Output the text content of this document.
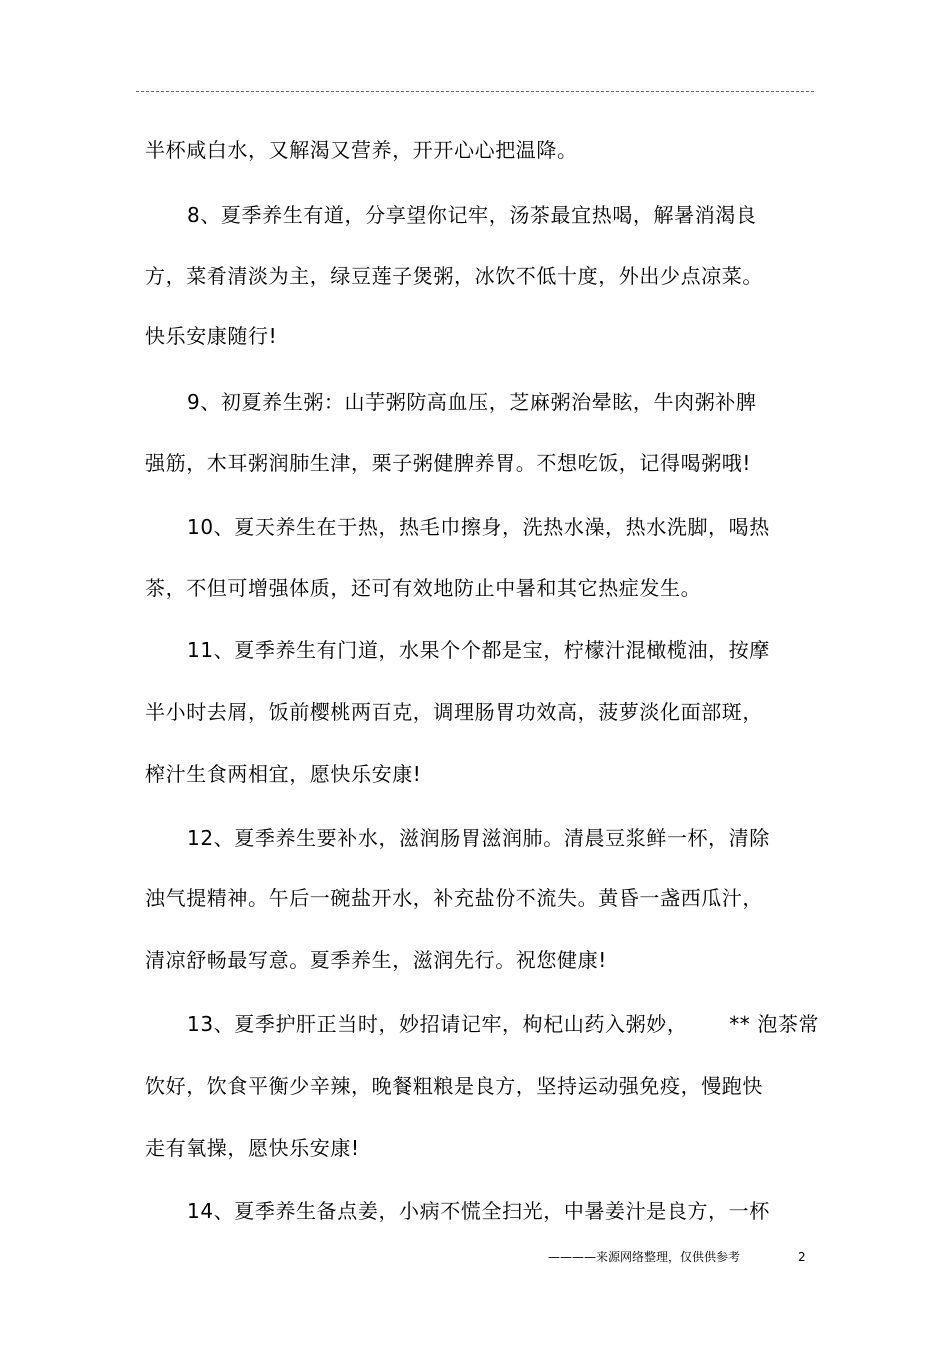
半杯咸白水，又解渴又营养，开开心心把温降。
8、夏季养生有道，分享望你记牢，汤茶最宜热喝，解暑消渴良
方，菜肴清淡为主，绿豆莲子煲粥，冰饮不低十度，外出少点凉菜。
快乐安康随行!
9、初夏养生粥：山芋粥防高血压，芝麻粥治晕眩，牛肉粥补脾
强筋，木耳粥润肺生津，栗子粥健脾养胃。不想吃饭，记得喝粥哦!
10、夏天养生在于热，热毛巾擦身，洗热水澡，热水洗脚，喝热
茶，不但可增强体质，还可有效地防止中暑和其它热症发生。
11、夏季养生有门道，水果个个都是宝，柠檬汁混橄榄油，按摩
半小时去屑，饭前樱桃两百克，调理肠胃功效高，菠萝淡化面部斑，
榨汁生食两相宜，愿快乐安康!
12、夏季养生要补水，滋润肠胃滋润肺。清晨豆浆鲜一杯，清除
浊气提精神。午后一碗盐开水，补充盐份不流失。黄昏一盏西瓜汁，
清凉舒畅最写意。夏季养生，滋润先行。祝您健康!
13、夏季护肝正当时，妙招请记牢，枸杞山药入粥妙，      ** 泡茶常
饮好，饮食平衡少辛辣，晚餐粗粮是良方，坚持运动强免疫，慢跑快
走有氧操，愿快乐安康!
14、夏季养生备点姜，小病不慌全扫光，中暑姜汁是良方，一杯
————来源网络整理，仅供供参考	2
